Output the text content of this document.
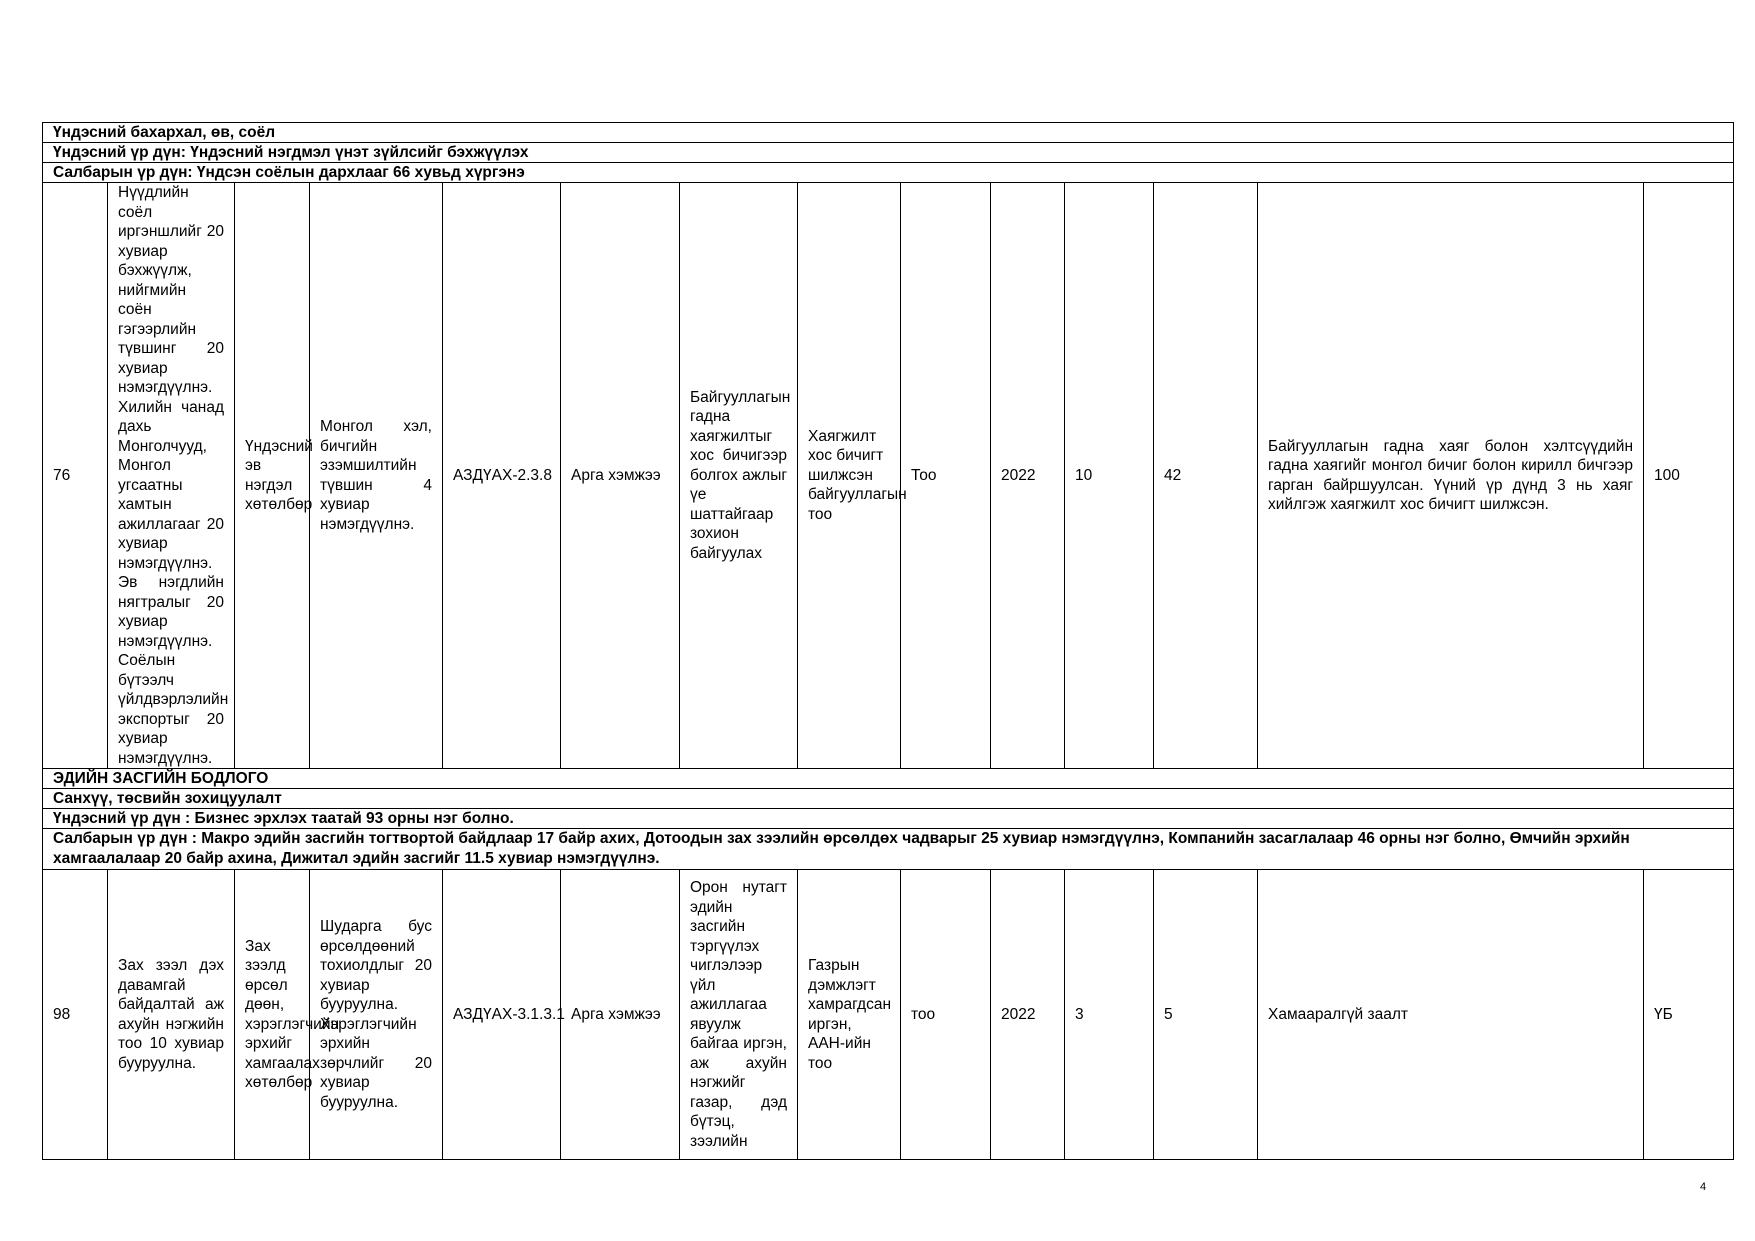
Үндэсний бахархал, өв, соёл													
Үндэсний үр дүн: Үндэсний нэгдмэл үнэт зүйлсийг бэхжүүлэх													
Салбарын үр дүн: Үндсэн соёлын дархлааг 66 хувьд хүргэнэ													
76	Нүүдлийн соёл иргэншлийг 20 хувиар бэхжүүлж, нийгмийн соён гэгээрлийн түвшинг 20 хувиар нэмэгдүүлнэ. Хилийн чанад дахь Монголчууд, Монгол угсаатны хамтын ажиллагааг 20 хувиар нэмэгдүүлнэ. Эв нэгдлийн нягтралыг 20 хувиар нэмэгдүүлнэ. Соёлын бүтээлч үйлдвэрлэлийн экспортыг 20 хувиар нэмэгдүүлнэ.	Үндэсний эв нэгдэл хөтөлбөр	Монгол хэл, бичгийн эзэмшилтийн түвшин 4 хувиар нэмэгдүүлнэ.	АЗДҮАХ-2.3.8	Арга хэмжээ	Байгууллагын гадна хаягжилтыг хос бичигээр болгох ажлыг үе шаттайгаар зохион байгуулах	Хаягжилт хос бичигт шилжсэн байгууллагын тоо	Тоо	2022	10	42	Байгууллагын гадна хаяг болон хэлтсүүдийн гадна хаягийг монгол бичиг болон кирилл бичгээр гарган байршуулсан. Үүний үр дүнд 3 нь хаяг хийлгэж хаягжилт хос бичигт шилжсэн.	100
ЭДИЙН ЗАСГИЙН БОДЛОГО													
Санхүү, төсвийн зохицуулалт													
Үндэсний үр дүн : Бизнес эрхлэх таатай 93 орны нэг болно.													
Салбарын үр дүн : Макро эдийн засгийн тогтвортой байдлаар 17 байр ахих, Дотоодын зах зээлийн өрсөлдөх чадварыг 25 хувиар нэмэгдүүлнэ, Компанийн засаглалаар 46 орны нэг болно, Өмчийн эрхийн хамгаалалаар 20 байр ахина, Дижитал эдийн засгийг 11.5 хувиар нэмэгдүүлнэ.													
98	Зах зээл дэх давамгай байдалтай аж ахуйн нэгжийн тоо 10 хувиар бууруулна.	Зах зээлд өрсөл дөөн, хэрэглэгчийн эрхийг хамгаалах хөтөлбөр	Шударга бус өрсөлдөөний тохиолдлыг 20 хувиар бууруулна. Хэрэглэгчийн эрхийн зөрчлийг 20 хувиар бууруулна.	АЗДҮАХ-3.1.3.1	Арга хэмжээ	Орон нутагт эдийн засгийн тэргүүлэх чиглэлээр үйл ажиллагаа явуулж байгаа иргэн, аж ахуйн нэгжийг газар, дэд бүтэц, зээлийн	Газрын дэмжлэгт хамрагдсан иргэн, ААН-ийн тоо	тоо	2022	3	5	Хамааралгүй заалт	ҮБ
4
